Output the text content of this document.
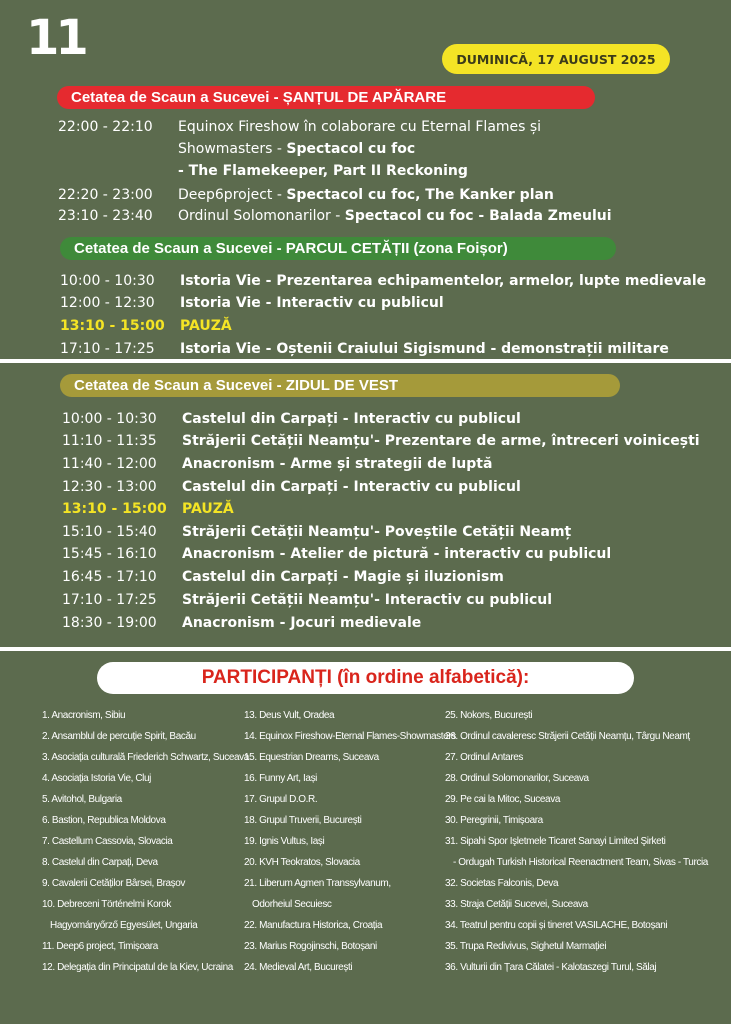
11	DUMINICĂ, 17 AUGUST 2025
Cetatea de Scaun a Sucevei - ȘANȚUL DE APĂRARE
Cetatea de Scaun a Sucevei - PARCUL CETĂȚII (zona Foișor)
Cetatea de Scaun a Sucevei - ZIDUL DE VEST
22:00 - 22:10 Equinox Fireshow în colaborare cu Eternal Flames și
Showmasters - Spectacol cu foc
- The Flamekeeper, Part II Reckoning
22:20 - 23:00 Deep6project - Spectacol cu foc, The Kanker plan
23:10 - 23:40 Ordinul Solomonarilor - Spectacol cu foc - Balada Zmeului
10:00 - 10:30 Istoria Vie - Prezentarea echipamentelor, armelor, lupte medievale
12:00 - 12:30 Istoria Vie - Interactiv cu publicul
13:10 - 15:00 PAUZĂ
17:10 - 17:25 Istoria Vie - Oștenii Craiului Sigismund - demonstrații militare
10:00 - 10:30 Castelul din Carpați - Interactiv cu publicul
11:10 - 11:35 Străjerii Cetății Neamțu'- Prezentare de arme, întreceri voinicești
11:40 - 12:00 Anacronism - Arme și strategii de luptă
12:30 - 13:00 Castelul din Carpați - Interactiv cu publicul
13:10 - 15:00 PAUZĂ
15:10 - 15:40 Străjerii Cetății Neamțu'- Poveștile Cetății Neamț
15:45 - 16:10 Anacronism - Atelier de pictură - interactiv cu publicul
16:45 - 17:10 Castelul din Carpați - Magie și iluzionism
17:10 - 17:25 Străjerii Cetății Neamțu'- Interactiv cu publicul
18:30 - 19:00 Anacronism - Jocuri medievale
PARTICIPANȚI (în ordine alfabetică):
1. Anacronism, Sibiu
2. Ansamblul de percuție Spirit, Bacău
3. Asociația culturală Friederich Schwartz, Suceava
4. Asociația Istoria Vie, Cluj
5. Avitohol, Bulgaria
6. Bastion, Republica Moldova
7. Castellum Cassovia, Slovacia
8. Castelul din Carpați, Deva
9. Cavalerii Cetăților Bârsei, Brașov
10. Debreceni Történelmi Korok
Hagyományőrző Egyesület, Ungaria
11. Deep6 project, Timișoara
12. Delegația din Principatul de la Kiev, Ucraina
13. Deus Vult, Oradea
14. Equinox Fireshow-Eternal Flames-Showmasters
15. Equestrian Dreams, Suceava
16. Funny Art, Iași
17. Grupul D.O.R.
18. Grupul Truverii, București
19. Ignis Vultus, Iași
20. KVH Teokratos, Slovacia
21. Liberum Agmen Transsylvanum,
Odorheiul Secuiesc
22. Manufactura Historica, Croația
23. Marius Rogojinschi, Botoșani
24. Medieval Art, București
25. Nokors, București
26. Ordinul cavaleresc Străjerii Cetății Neamțu, Târgu Neamț
27. Ordinul Antares
28. Ordinul Solomonarilor, Suceava
29. Pe cai la Mitoc, Suceava
30. Peregrinii, Timișoara
31. Sipahi Spor Işletmele Ticaret Sanayi Limited Şirketi
- Ordugah Turkish Historical Reenactment Team, Sivas - Turcia
32. Societas Falconis, Deva
33. Straja Cetății Sucevei, Suceava
34. Teatrul pentru copii și tineret VASILACHE, Botoșani
35. Trupa Redivivus, Sighetul Marmației
36. Vulturii din Țara Călatei - Kalotaszegi Turul, Sălaj
